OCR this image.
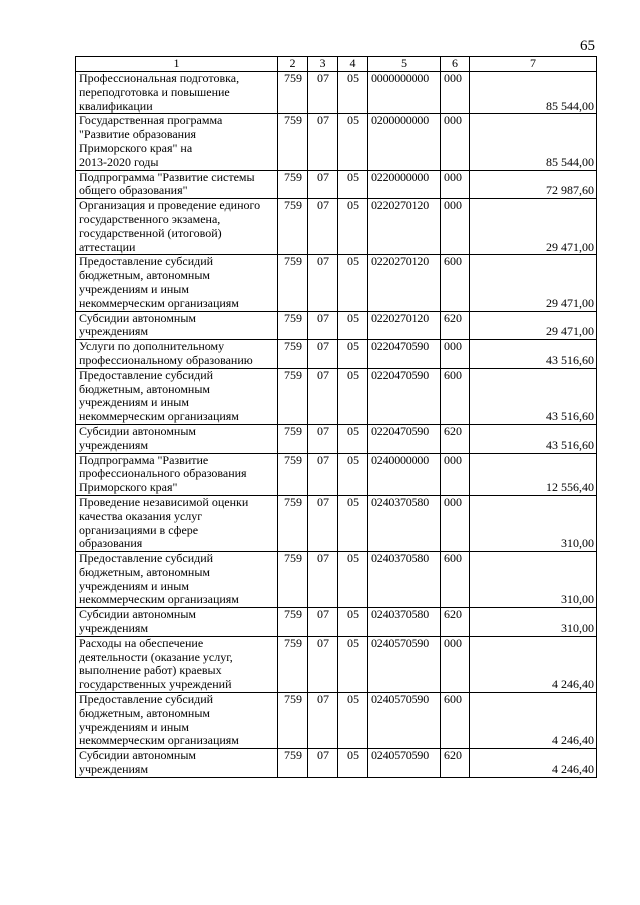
65
1	2	3	4	5	6	7

Профессиональная подготовка,
переподготовка и повышение
квалификации	759	07	05	0000000000	000	85 544,00

Государственная программа
"Развитие образования
Приморского края" на
2013-2020 годы	759	07	05	0200000000	000	85 544,00

Подпрограмма "Развитие системы
общего образования"	759	07	05	0220000000	000	72 987,60

Организация и проведение единого
государственного экзамена,
государственной (итоговой)
аттестации	759	07	05	0220270120	000	29 471,00

Предоставление субсидий
бюджетным, автономным
учреждениям и иным
некоммерческим организациям	759	07	05	0220270120	600	29 471,00

Субсидии автономным
учреждениям	759	07	05	0220270120	620	29 471,00

Услуги по дополнительному
профессиональному образованию	759	07	05	0220470590	000	43 516,60

Предоставление субсидий
бюджетным, автономным
учреждениям и иным
некоммерческим организациям	759	07	05	0220470590	600	43 516,60

Субсидии автономным
учреждениям	759	07	05	0220470590	620	43 516,60

Подпрограмма "Развитие
профессионального образования
Приморского края"	759	07	05	0240000000	000	12 556,40

Проведение независимой оценки
качества оказания услуг
организациями в сфере
образования	759	07	05	0240370580	000	310,00

Предоставление субсидий
бюджетным, автономным
учреждениям и иным
некоммерческим организациям	759	07	05	0240370580	600	310,00

Субсидии автономным
учреждениям	759	07	05	0240370580	620	310,00

Расходы на обеспечение
деятельности (оказание услуг,
выполнение работ) краевых
государственных учреждений	759	07	05	0240570590	000	4 246,40

Предоставление субсидий
бюджетным, автономным
учреждениям и иным
некоммерческим организациям	759	07	05	0240570590	600	4 246,40

Субсидии автономным
учреждениям	759	07	05	0240570590	620	4 246,40
